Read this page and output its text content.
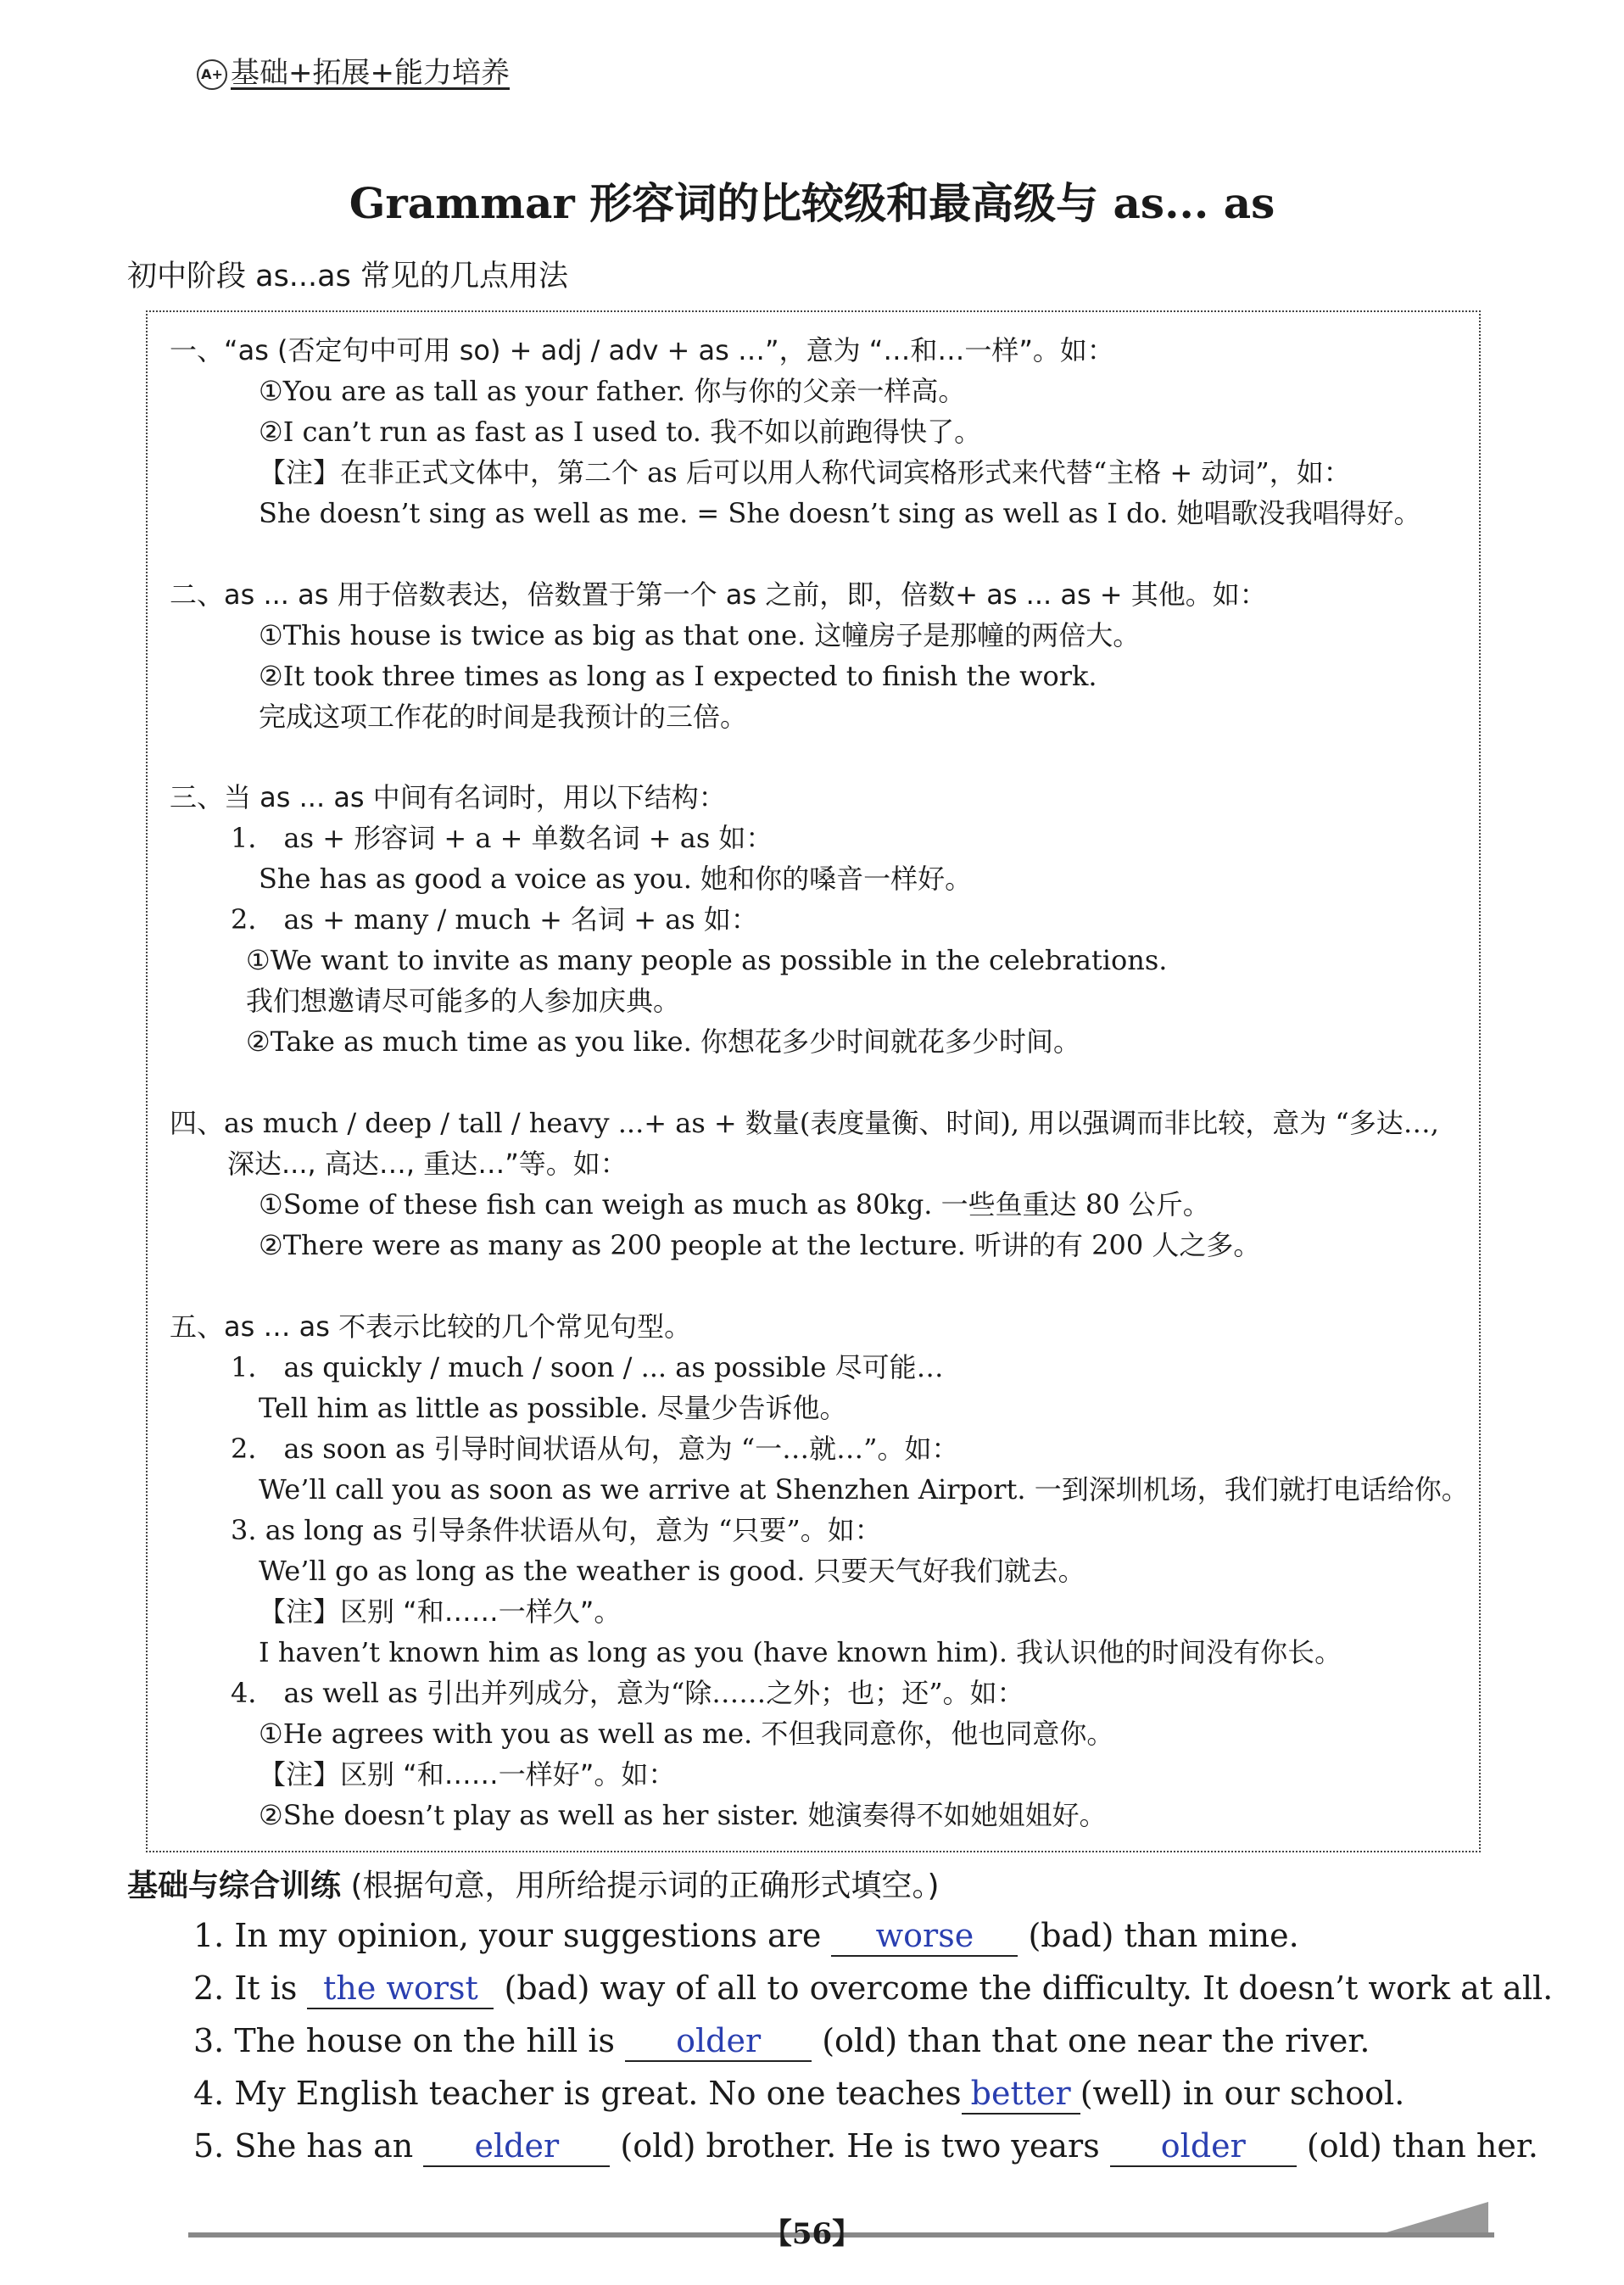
A+ 基础+拓展+能力培养
Grammar 形容词的比较级和最高级与 as... as
初中阶段 as...as 常见的几点用法
一、“as (否定句中可用 so) + adj / adv + as …”，意为 “…和…一样”。如：
①You are as tall as your father. 你与你的父亲一样高。
②I can’t run as fast as I used to. 我不如以前跑得快了。
【注】在非正式文体中，第二个 as 后可以用人称代词宾格形式来代替“主格 + 动词”，如：
She doesn’t sing as well as me. = She doesn’t sing as well as I do. 她唱歌没我唱得好。
二、as ... as 用于倍数表达，倍数置于第一个 as 之前，即，倍数+ as ... as + 其他。如：
①This house is twice as big as that one. 这幢房子是那幢的两倍大。
②It took three times as long as I expected to finish the work.
完成这项工作花的时间是我预计的三倍。
三、当 as ... as 中间有名词时，用以下结构：
1． as + 形容词 + a + 单数名词 + as 如：
She has as good a voice as you. 她和你的嗓音一样好。
2． as + many / much + 名词 + as 如：
①We want to invite as many people as possible in the celebrations.
我们想邀请尽可能多的人参加庆典。
②Take as much time as you like. 你想花多少时间就花多少时间。
四、as much / deep / tall / heavy ...+ as + 数量(表度量衡、时间), 用以强调而非比较，意为 “多达…,
深达..., 高达…, 重达…”等。如：
①Some of these fish can weigh as much as 80kg. 一些鱼重达 80 公斤。
②There were as many as 200 people at the lecture. 听讲的有 200 人之多。
五、as … as 不表示比较的几个常见句型。
1． as quickly / much / soon / ... as possible 尽可能…
Tell him as little as possible. 尽量少告诉他。
2． as soon as 引导时间状语从句，意为 “一…就…”。如：
We’ll call you as soon as we arrive at Shenzhen Airport. 一到深圳机场，我们就打电话给你。
3. as long as 引导条件状语从句，意为 “只要”。如：
We’ll go as long as the weather is good. 只要天气好我们就去。
【注】区别 “和……一样久”。
I haven’t known him as long as you (have known him). 我认识他的时间没有你长。
4． as well as 引出并列成分，意为“除……之外；也；还”。如：
①He agrees with you as well as me. 不但我同意你，他也同意你。
【注】区别 “和……一样好”。如：
②She doesn’t play as well as her sister. 她演奏得不如她姐姐好。
基础与综合训练 (根据句意，用所给提示词的正确形式填空。)
1. In my opinion, your suggestions are worse (bad) than mine.
2. It is the worst (bad) way of all to overcome the difficulty. It doesn’t work at all.
3. The house on the hill is older (old) than that one near the river.
4. My English teacher is great. No one teaches better (well) in our school.
5. She has an elder (old) brother. He is two years older (old) than her.
【56】
